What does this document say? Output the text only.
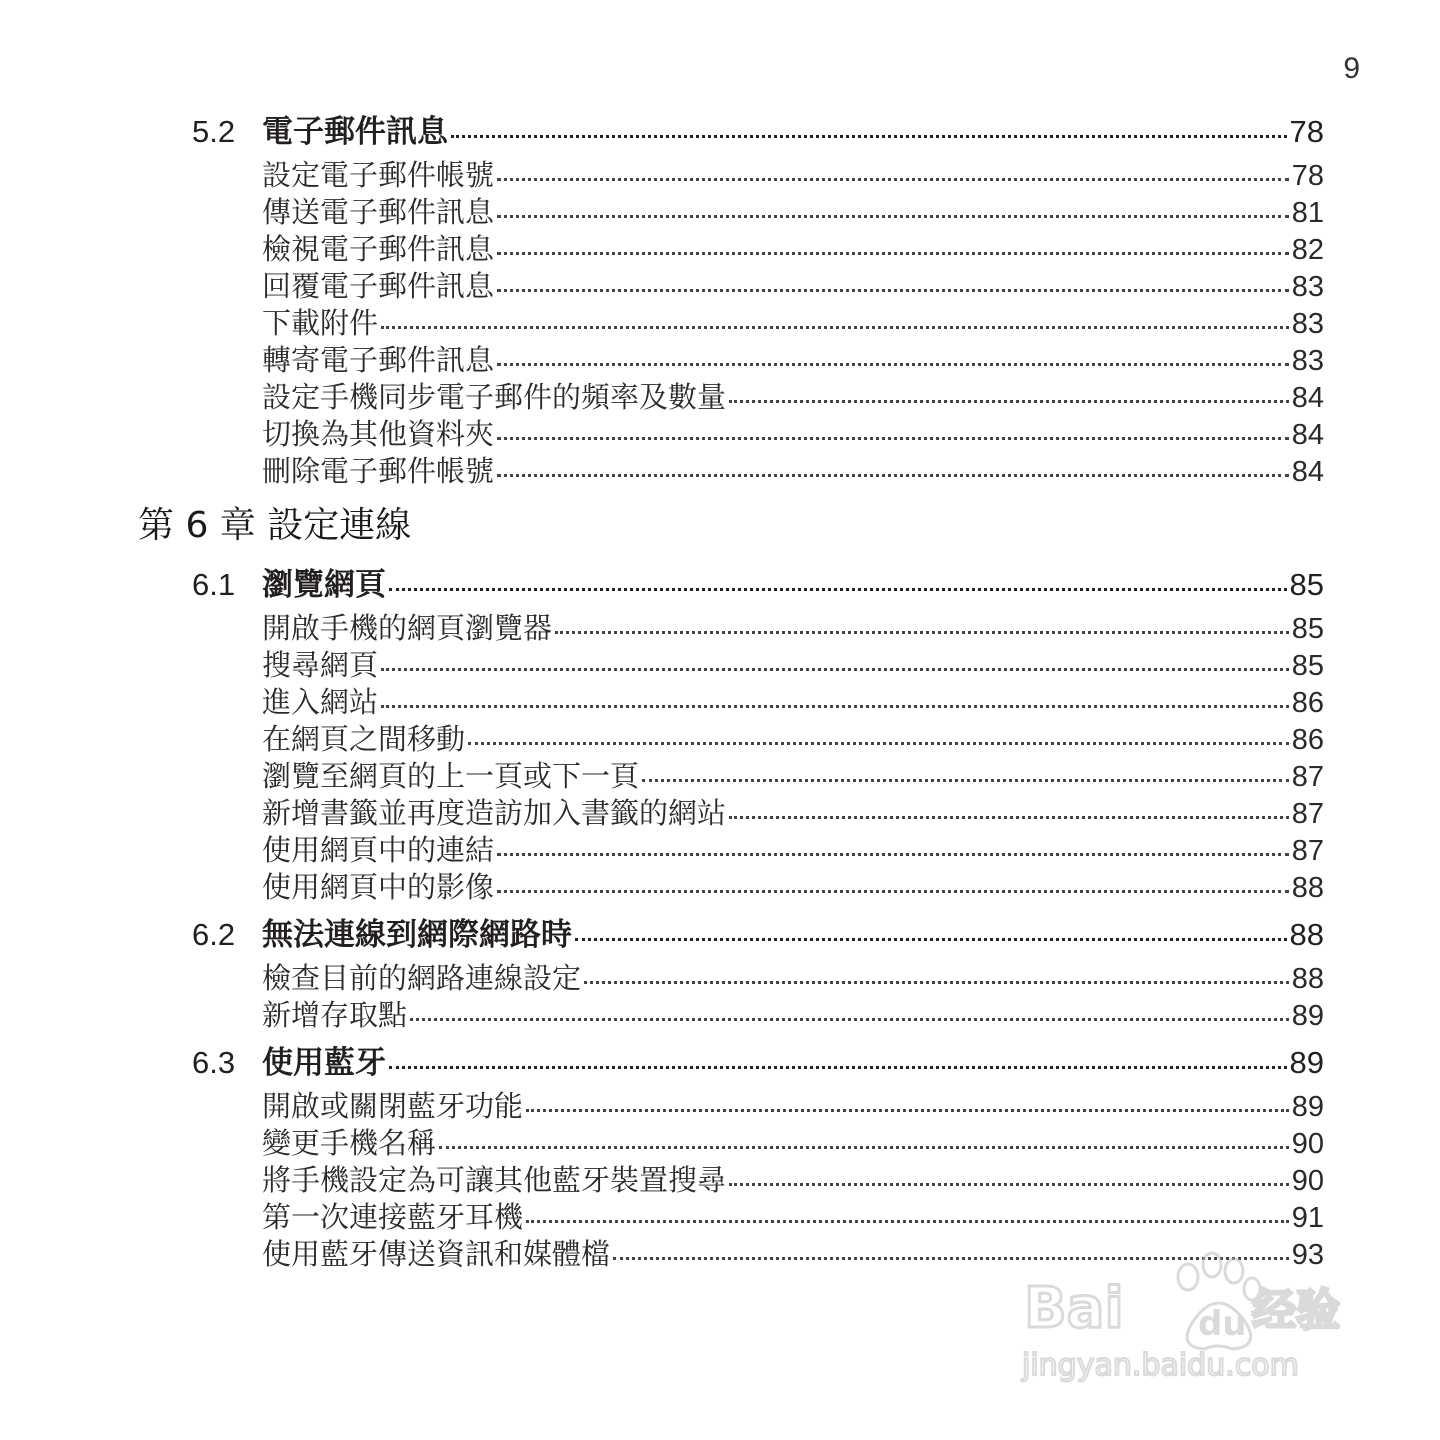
9
5.2 電子郵件訊息	78
設定電子郵件帳號	78
傳送電子郵件訊息	81
檢視電子郵件訊息	82
回覆電子郵件訊息	83
下載附件	83
轉寄電子郵件訊息	83
設定手機同步電子郵件的頻率及數量	84
切換為其他資料夾	84
刪除電子郵件帳號	84
第 6 章 設定連線
6.1 瀏覽網頁	85
開啟手機的網頁瀏覽器	85
搜尋網頁	85
進入網站	86
在網頁之間移動	86
瀏覽至網頁的上一頁或下一頁	87
新增書籤並再度造訪加入書籤的網站	87
使用網頁中的連結	87
使用網頁中的影像	88
6.2 無法連線到網際網路時	88
檢查目前的網路連線設定	88
新增存取點	89
6.3 使用藍牙	89
開啟或關閉藍牙功能	89
變更手機名稱	90
將手機設定為可讓其他藍牙裝置搜尋	90
第一次連接藍牙耳機	91
使用藍牙傳送資訊和媒體檔	93
Bai du 经验
jingyan.baidu.com
